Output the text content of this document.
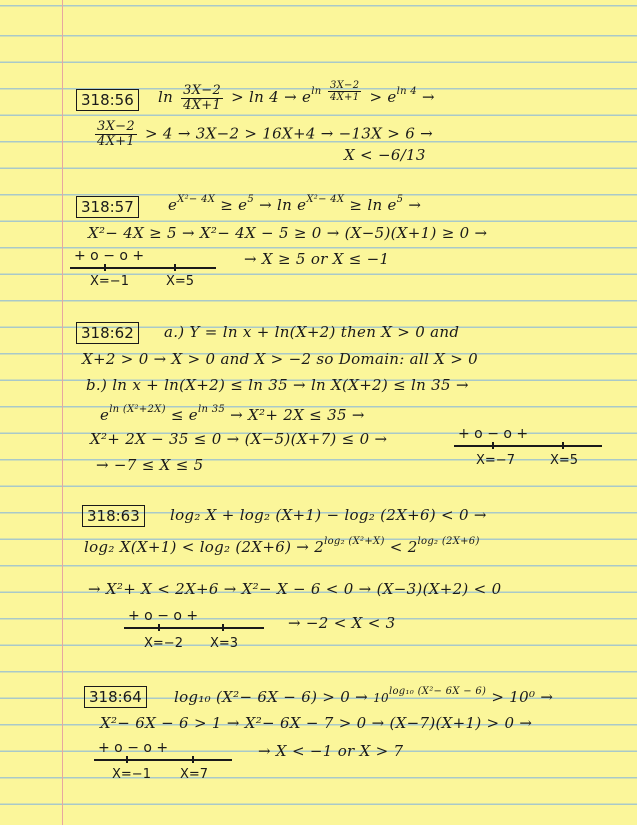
318:56	$\ln \frac{3X-2}{4X+1} > \ln 4 \to e^{ln \frac{3X-2}{4X+1}} > e^{ln 4}$ →
$\frac{3X-2}{4X+1} > 4 \to 3X-2 > 16X+4 \to -13X > 6$ →
X < −6/13
318:57	$e^{X^2- 4X} \ge e^5 \to \ln e^{X^2- 4X} \ge \ln e^5$ →
X²− 4X ≥ 5 → X²− 4X − 5 ≥ 0 → (X−5)(X+1) ≥ 0 →
+ o − o +
X=−1	X=5
→ X ≥ 5 or X ≤ −1
318:62	a.) Y = ln x + ln(X+2) then X > 0 and
X+2 > 0 → X > 0 and X > −2 so Domain: all X > 0
b.) ln x + ln(X+2) ≤ ln 35 → ln X(X+2) ≤ ln 35 →
$e^{ln (X^2+2X)} \le e^{ln 35} \to X^2+ 2X \le 35$ →
X²+ 2X − 35 ≤ 0 → (X−5)(X+7) ≤ 0 →	+ o − o +
X=−7	X=5
→ −7 ≤ X ≤ 5
318:63	log₂ X + log₂ (X+1) − log₂ (2X+6) < 0 →
log₂ X(X+1) < log₂ $(2X+6) \to 2^{log_2 (X^2+X)} < 2^{log_2 (2X+6)}$
→ X²+ X < 2X+6 → X²− X − 6 < 0 → (X−3)(X+2) < 0
+ o − o +
X=−2 X=3
→ −2 < X < 3
318:64	log₁₀ $(X^2- 6X - 6) > 0 \to 10^{log_{10} (X^2- 6X - 6)} > 10^0$ →
X²− 6X − 6 > 1 → X²− 6X − 7 > 0 → (X−7)(X+1) > 0 →
+ o − o +
X=−1 X=7
→ X < −1 or X > 7
